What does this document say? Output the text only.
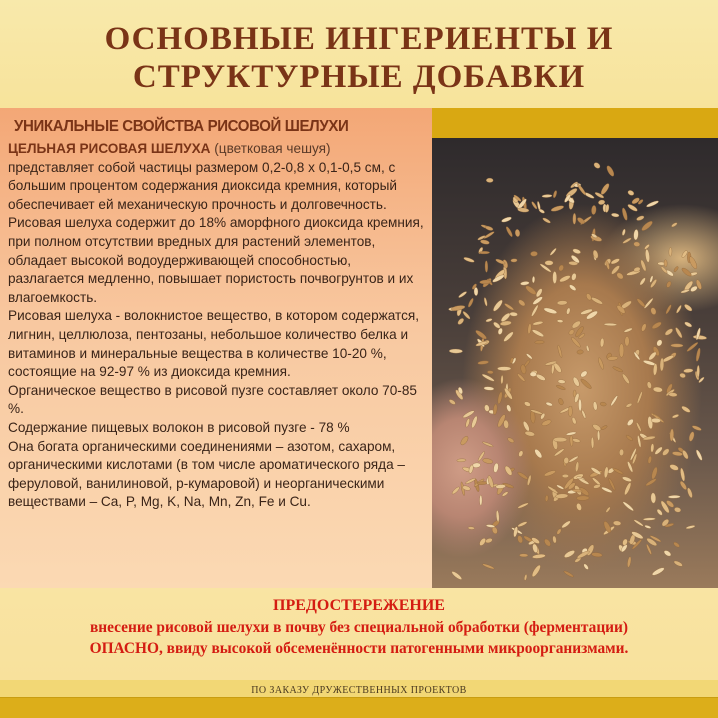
ОСНОВНЫЕ ИНГЕРИЕНТЫ И
СТРУКТУРНЫЕ ДОБАВКИ
УНИКАЛЬНЫЕ СВОЙСТВА РИСОВОЙ ШЕЛУХИ

ЦЕЛЬНАЯ РИСОВАЯ ШЕЛУХА (цветковая чешуя)
представляет собой частицы размером 0,2-0,8 х 0,1-0,5 см, с большим процентом содержания диоксида кремния, который обеспечивает ей механическую прочность и долговечность.

Рисовая шелуха содержит до 18% аморфного диоксида кремния, при полном отсутствии вредных для растений элементов, обладает высокой водоудерживающей способностью, разлагается медленно, повышает пористость почвогрунтов и их влагоемкость.

Рисовая шелуха - волокнистое вещество, в котором содержатся, лигнин, целлюлоза, пентозаны, небольшое количество белка и витаминов и минеральные вещества в количестве 10-20 %, состоящие на 92-97 % из диоксида кремния.

Органическое вещество в рисовой пузге составляет около 70-85 %.

Содержание пищевых волокон в рисовой пузге - 78 %

Она богата органическими соединениями – азотом, сахаром, органическими кислотами (в том числе ароматического ряда – феруловой, ванилиновой, р-кумаровой) и неорганическими веществами – Ca, P, Mg, K, Na, Mn, Zn, Fe и Cu.

ПРЕДОСТЕРЕЖЕНИЕ
внесение рисовой шелухи в почву без специальной обработки (ферментации)
ОПАСНО, ввиду высокой обсеменённости патогенными микроорганизмами.
ПО ЗАКАЗУ ДРУЖЕСТВЕННЫХ ПРОЕКТОВ
